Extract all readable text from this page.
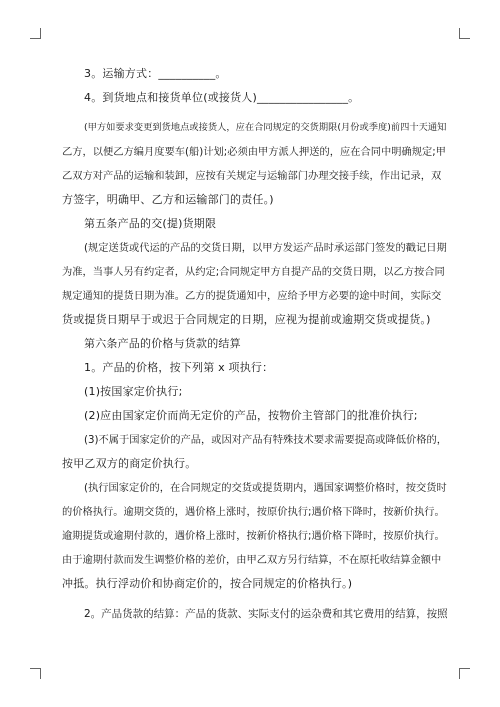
3。运输方式：__________。
4。到货地点和接货单位(或接货人)________________。
(甲方如要求变更到货地点或接货人，应在合同规定的交货期限(月份或季度)前四十天通知
乙方，以便乙方编月度要车(船)计划;必须由甲方派人押送的，应在合同中明确规定;甲
乙双方对产品的运输和装卸，应按有关规定与运输部门办理交接手续，作出记录，双
方签字，明确甲、乙方和运输部门的责任。)
第五条产品的交(提)货期限
(规定送货或代运的产品的交货日期，以甲方发运产品时承运部门签发的戳记日期
为准，当事人另有约定者，从约定;合同规定甲方自提产品的交货日期，以乙方按合同
规定通知的提货日期为准。乙方的提货通知中，应给予甲方必要的途中时间，实际交
货或提货日期早于或迟于合同规定的日期，应视为提前或逾期交货或提货。)
第六条产品的价格与货款的结算
1。产品的价格，按下列第 x 项执行：
(1)按国家定价执行;
(2)应由国家定价而尚无定价的产品，按物价主管部门的批准价执行;
(3)不属于国家定价的产品，或因对产品有特殊技术要求需要提高或降低价格的，
按甲乙双方的商定价执行。
(执行国家定价的，在合同规定的交货或提货期内，遇国家调整价格时，按交货时
的价格执行。逾期交货的，遇价格上涨时，按原价执行;遇价格下降时，按新价执行。
逾期提货或逾期付款的，遇价格上涨时，按新价格执行;遇价格下降时，按原价执行。
由于逾期付款而发生调整价格的差价，由甲乙双方另行结算，不在原托收结算金额中
冲抵。执行浮动价和协商定价的，按合同规定的价格执行。)
2。产品货款的结算：产品的货款、实际支付的运杂费和其它费用的结算，按照
